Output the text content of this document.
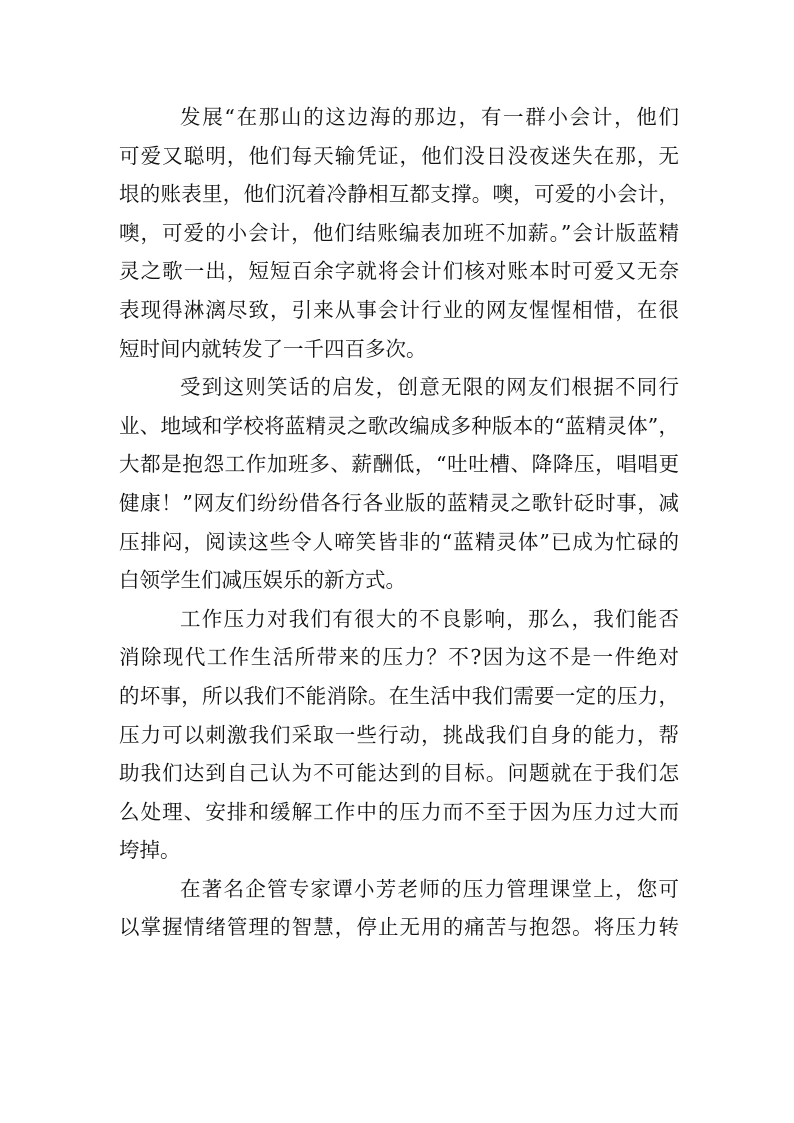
发展“在那山的这边海的那边，有一群小会计，他们
可爱又聪明，他们每天输凭证，他们没日没夜迷失在那，无
垠的账表里，他们沉着冷静相互都支撑。噢，可爱的小会计，
噢，可爱的小会计，他们结账编表加班不加薪。”会计版蓝精
灵之歌一出，短短百余字就将会计们核对账本时可爱又无奈
表现得淋漓尽致，引来从事会计行业的网友惺惺相惜，在很
短时间内就转发了一千四百多次。
受到这则笑话的启发，创意无限的网友们根据不同行
业、地域和学校将蓝精灵之歌改编成多种版本的“蓝精灵体”，
大都是抱怨工作加班多、薪酬低，“吐吐槽、降降压，唱唱更
健康！”网友们纷纷借各行各业版的蓝精灵之歌针砭时事，减
压排闷，阅读这些令人啼笑皆非的“蓝精灵体”已成为忙碌的
白领学生们减压娱乐的新方式。
工作压力对我们有很大的不良影响，那么，我们能否
消除现代工作生活所带来的压力？不?因为这不是一件绝对
的坏事，所以我们不能消除。在生活中我们需要一定的压力，
压力可以刺激我们采取一些行动，挑战我们自身的能力，帮
助我们达到自己认为不可能达到的目标。问题就在于我们怎
么处理、安排和缓解工作中的压力而不至于因为压力过大而
垮掉。
在著名企管专家谭小芳老师的压力管理课堂上，您可
以掌握情绪管理的智慧，停止无用的痛苦与抱怨。将压力转
